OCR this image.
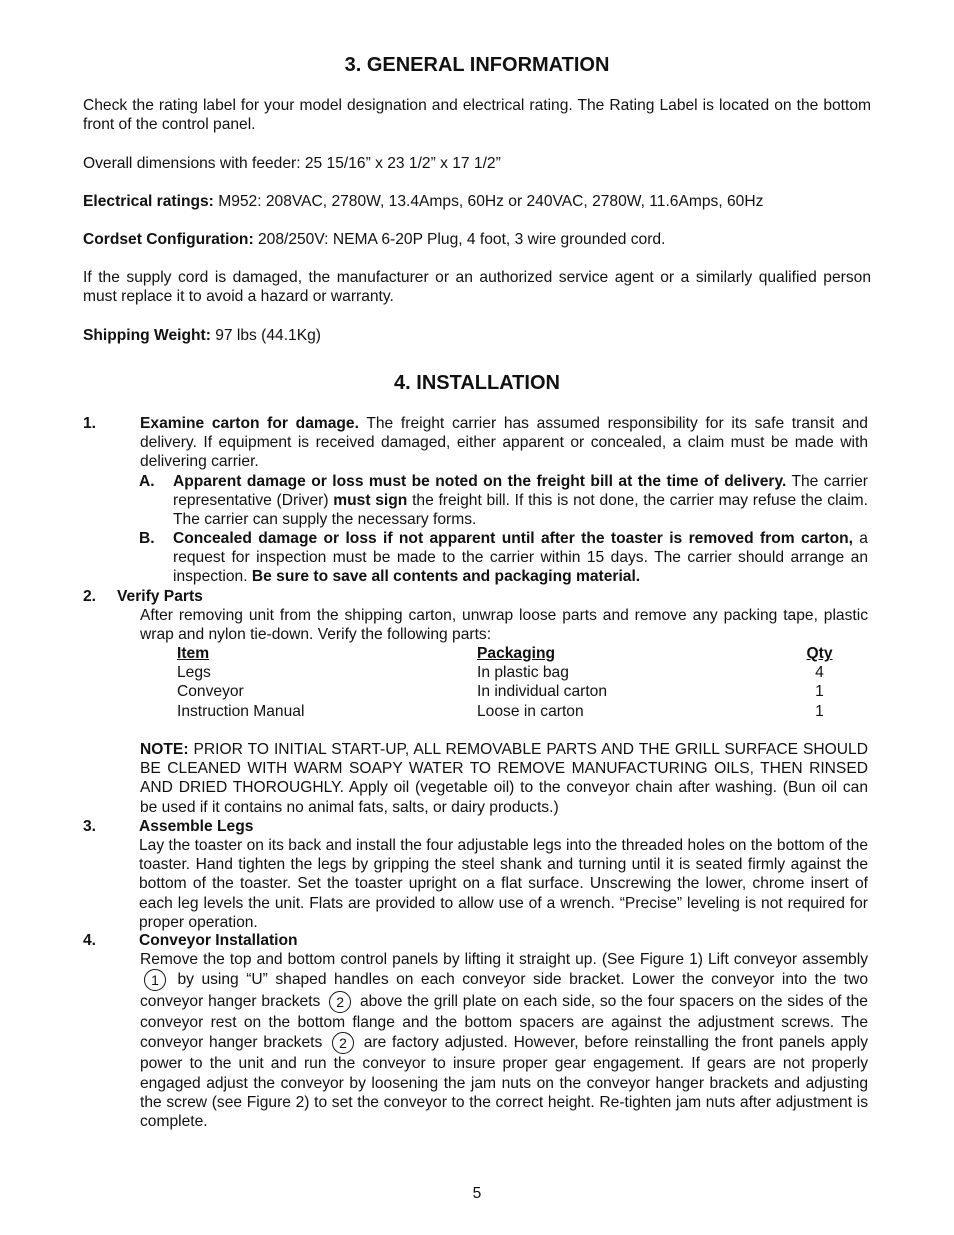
3. GENERAL INFORMATION
Check the rating label for your model designation and electrical rating. The Rating Label is located on the bottom front of the control panel.
Overall dimensions with feeder: 25 15/16” x 23 1/2” x 17 1/2”
Electrical ratings: M952: 208VAC, 2780W, 13.4Amps, 60Hz or 240VAC, 2780W, 11.6Amps, 60Hz
Cordset Configuration: 208/250V: NEMA 6-20P Plug, 4 foot, 3 wire grounded cord.
If the supply cord is damaged, the manufacturer or an authorized service agent or a similarly qualified person must replace it to avoid a hazard or warranty.
Shipping Weight: 97 lbs (44.1Kg)
4. INSTALLATION
1.	Examine carton for damage. The freight carrier has assumed responsibility for its safe transit and delivery. If equipment is received damaged, either apparent or concealed, a claim must be made with delivering carrier.
A. Apparent damage or loss must be noted on the freight bill at the time of delivery. The carrier representative (Driver) must sign the freight bill. If this is not done, the carrier may refuse the claim. The carrier can supply the necessary forms.
B. Concealed damage or loss if not apparent until after the toaster is removed from carton, a request for inspection must be made to the carrier within 15 days. The carrier should arrange an inspection. Be sure to save all contents and packaging material.
2. Verify Parts
After removing unit from the shipping carton, unwrap loose parts and remove any packing tape, plastic wrap and nylon tie-down. Verify the following parts:
Item	Packaging	Qty
Legs	In plastic bag	4
Conveyor	In individual carton	1
Instruction Manual	Loose in carton	1
NOTE: PRIOR TO INITIAL START-UP, ALL REMOVABLE PARTS AND THE GRILL SURFACE SHOULD BE CLEANED WITH WARM SOAPY WATER TO REMOVE MANUFACTURING OILS, THEN RINSED AND DRIED THOROUGHLY. Apply oil (vegetable oil) to the conveyor chain after washing. (Bun oil can be used if it contains no animal fats, salts, or dairy products.)
3.	Assemble Legs
Lay the toaster on its back and install the four adjustable legs into the threaded holes on the bottom of the toaster. Hand tighten the legs by gripping the steel shank and turning until it is seated firmly against the bottom of the toaster. Set the toaster upright on a flat surface. Unscrewing the lower, chrome insert of each leg levels the unit. Flats are provided to allow use of a wrench. “Precise” leveling is not required for proper operation.
4.	Conveyor Installation
Remove the top and bottom control panels by lifting it straight up. (See Figure 1) Lift conveyor assembly 1 by using “U” shaped handles on each conveyor side bracket. Lower the conveyor into the two conveyor hanger brackets 2 above the grill plate on each side, so the four spacers on the sides of the conveyor rest on the bottom flange and the bottom spacers are against the adjustment screws. The conveyor hanger brackets 2 are factory adjusted. However, before reinstalling the front panels apply power to the unit and run the conveyor to insure proper gear engagement. If gears are not properly engaged adjust the conveyor by loosening the jam nuts on the conveyor hanger brackets and adjusting the screw (see Figure 2) to set the conveyor to the correct height. Re-tighten jam nuts after adjustment is complete.
5
